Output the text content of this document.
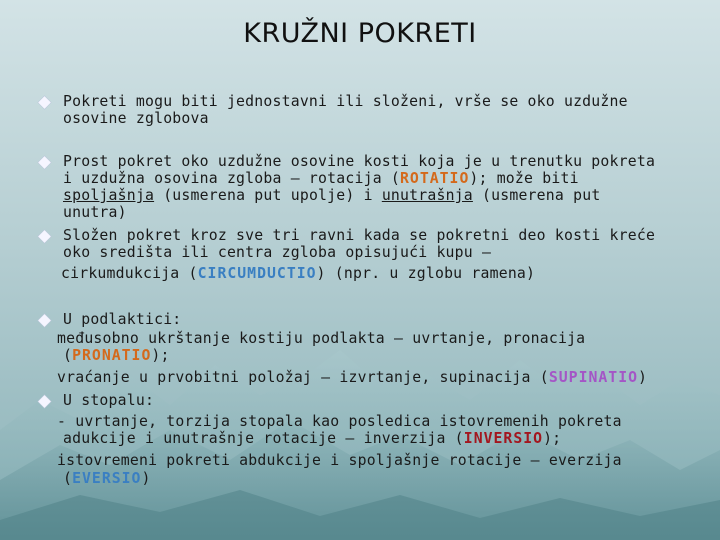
KRUŽNI POKRETI
Pokreti mogu biti jednostavni ili složeni, vrše se oko uzdužne
osovine zglobova
Prost pokret oko uzdužne osovine kosti koja je u trenutku pokreta
i uzdužna osovina zgloba – rotacija (ROTATIO); može biti
spoljašnja (usmerena put upolje) i unutrašnja (usmerena put
unutra)
Složen pokret kroz sve tri ravni kada se pokretni deo kosti kreće
oko središta ili centra zgloba opisujući kupu –
cirkumdukcija (CIRCUMDUCTIO) (npr. u zglobu ramena)
U podlaktici:
međusobno ukrštanje kostiju podlakta – uvrtanje, pronacija
(PRONATIO);
vraćanje u prvobitni položaj – izvrtanje, supinacija (SUPINATIO)
U stopalu:
- uvrtanje, torzija stopala kao posledica istovremenih pokreta
adukcije i unutrašnje rotacije – inverzija (INVERSIO);
istovremeni pokreti abdukcije i spoljašnje rotacije – everzija
(EVERSIO)
